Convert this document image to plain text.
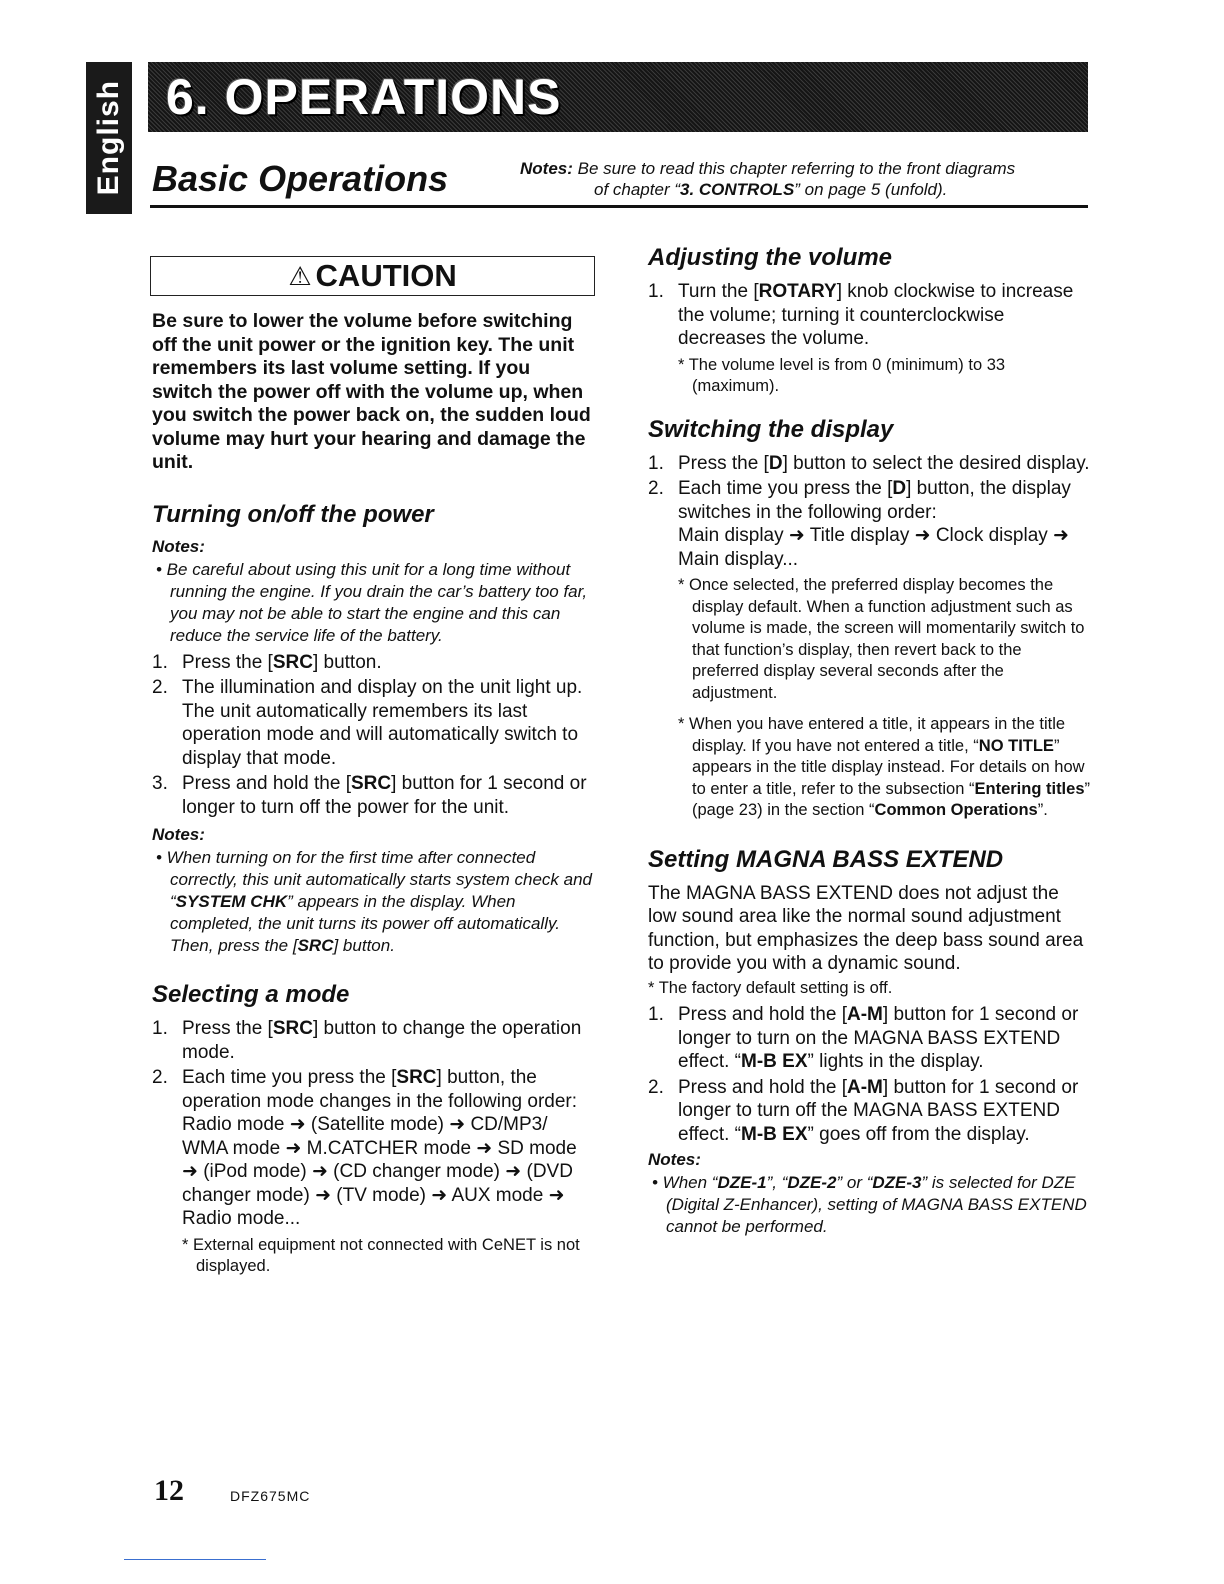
English 6. OPERATIONS
Basic Operations	Notes: Be sure to read this chapter referring to the front diagrams
of chapter “3. CONTROLS” on page 5 (unfold).
⚠ CAUTION
Be sure to lower the volume before switching off the unit power or the ignition key. The unit remembers its last volume setting. If you switch the power off with the volume up, when you switch the power back on, the sudden loud volume may hurt your hearing and damage the unit.
Turning on/off the power
Notes:
• Be careful about using this unit for a long time without running the engine. If you drain the car’s battery too far, you may not be able to start the engine and this can reduce the service life of the battery.
1. Press the [SRC] button.
2. The illumination and display on the unit light up. The unit automatically remembers its last operation mode and will automatically switch to display that mode.
3. Press and hold the [SRC] button for 1 second or longer to turn off the power for the unit.
Notes:
• When turning on for the first time after connected correctly, this unit automatically starts system check and “SYSTEM CHK” appears in the display. When completed, the unit turns its power off automatically. Then, press the [SRC] button.
Selecting a mode
1. Press the [SRC] button to change the operation mode.
2. Each time you press the [SRC] button, the operation mode changes in the following order:
Radio mode ➜ (Satellite mode) ➜ CD/MP3/ WMA mode ➜ M.CATCHER mode ➜ SD mode ➜ (iPod mode) ➜ (CD changer mode) ➜ (DVD changer mode) ➜ (TV mode) ➜ AUX mode ➜ Radio mode...
* External equipment not connected with CeNET is not displayed.
Adjusting the volume
1. Turn the [ROTARY] knob clockwise to increase the volume; turning it counterclockwise decreases the volume.
* The volume level is from 0 (minimum) to 33 (maximum).
Switching the display
1. Press the [D] button to select the desired display.
2. Each time you press the [D] button, the display switches in the following order:
Main display ➜ Title display ➜ Clock display ➜ Main display...
* Once selected, the preferred display becomes the display default. When a function adjustment such as volume is made, the screen will momentarily switch to that function’s display, then revert back to the preferred display several seconds after the adjustment.
* When you have entered a title, it appears in the title display. If you have not entered a title, “NO TITLE” appears in the title display instead. For details on how to enter a title, refer to the subsection “Entering titles” (page 23) in the section “Common Operations”.
Setting MAGNA BASS EXTEND
The MAGNA BASS EXTEND does not adjust the low sound area like the normal sound adjustment function, but emphasizes the deep bass sound area to provide you with a dynamic sound.
* The factory default setting is off.
1. Press and hold the [A-M] button for 1 second or longer to turn on the MAGNA BASS EXTEND effect. “M-B EX” lights in the display.
2. Press and hold the [A-M] button for 1 second or longer to turn off the MAGNA BASS EXTEND effect. “M-B EX” goes off from the display.
Notes:
• When “DZE-1”, “DZE-2” or “DZE-3” is selected for DZE (Digital Z-Enhancer), setting of MAGNA BASS EXTEND cannot be performed.
12	DFZ675MC
